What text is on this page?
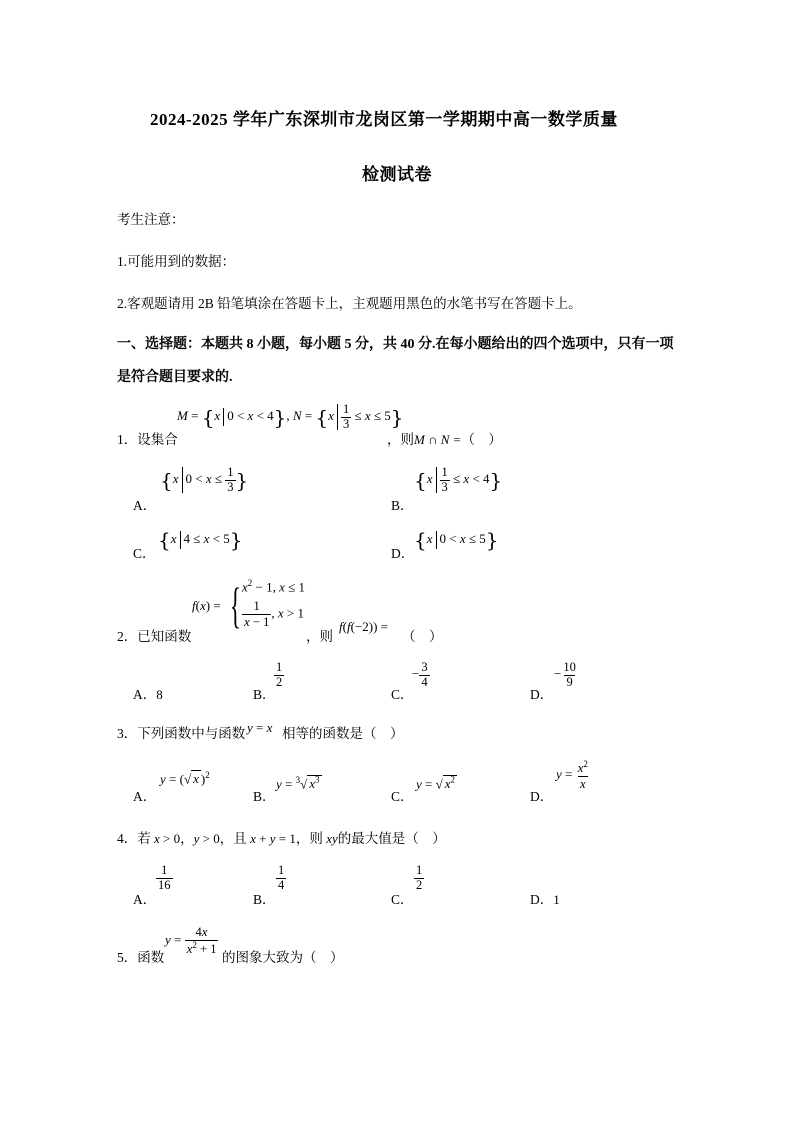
2024-2025 学年广东深圳市龙岗区第一学期期中高一数学质量
检测试卷
考生注意：
1.可能用到的数据：
2.客观题请用 2B 铅笔填涂在答题卡上，主观题用黑色的水笔书写在答题卡上。
一、选择题：本题共 8 小题，每小题 5 分，共 40 分.在每小题给出的四个选项中，只有一项
是符合题目要求的.
1．设集合
M = {x 0 < x < 4}, $N = \{x \frac{1}{3} \le x \le 5\}$
，则M ∩ N =（　）
A．
{x $0 < x \le \frac{1}{3}$ }
B．
$\{x \frac{1}{3} \le x < 4\}$
C．
{x 4 ≤ x < 5}
D．
{x 0 < x ≤ 5}
2．已知函数
f(x) = { $x^2 - 1$, x ≤ 1
$\frac{1}{x - 1}$ , x > 1
，则
f(f(−2)) =
（　）
A．8	B．
$\frac{1}{2}$
C．
− $\frac{3}{4}$
D．
− $\frac{10}{9}$
3．下列函数中与函数 y = x 相等的函数是（　）
A．
y = (√ x )$^2$
B．
y = $^3$√ $x^3$
C．
y = √ $x^2$
D．
$y = \frac{x^2}{x}$
4．若 x > 0，y > 0，且 x + y = 1，则 xy的最大值是（　）
A．
$\frac{1}{16}$
B．
$\frac{1}{4}$
C．
$\frac{1}{2}$
D．1
5．函数
$y = \frac{4x}{x^2 + 1}$
的图象大致为（　）
